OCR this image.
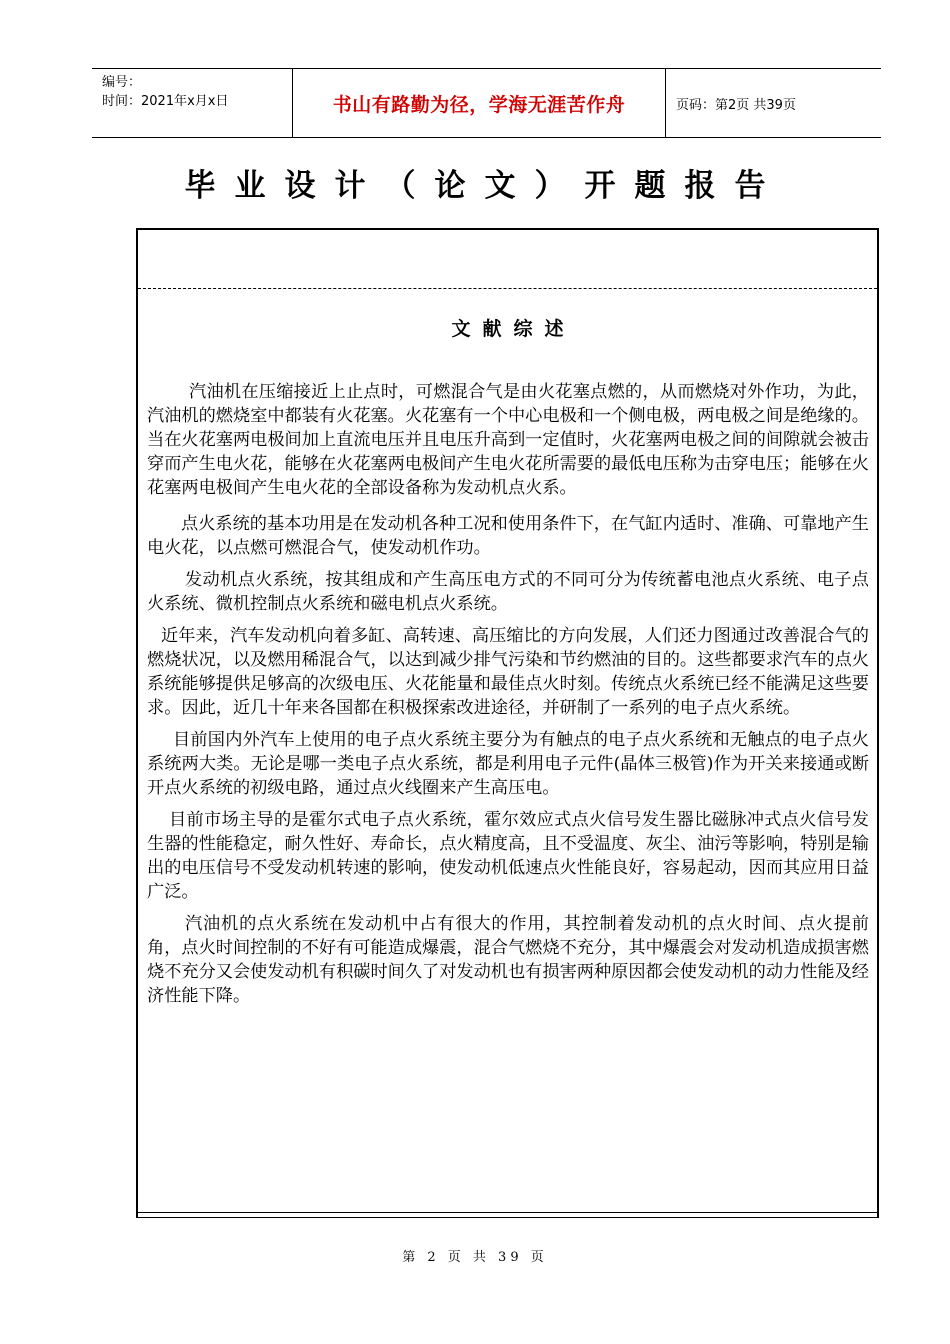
编号：
时间：2021年x月x日	书山有路勤为径，学海无涯苦作舟	页码：第2页 共39页
毕业设计（论文）开题报告
文献综述

汽油机在压缩接近上止点时，可燃混合气是由火花塞点燃的，从而燃烧对外作功，为此，汽油机的燃烧室中都装有火花塞。火花塞有一个中心电极和一个侧电极，两电极之间是绝缘的。当在火花塞两电极间加上直流电压并且电压升高到一定值时，火花塞两电极之间的间隙就会被击穿而产生电火花，能够在火花塞两电极间产生电火花所需要的最低电压称为击穿电压；能够在火花塞两电极间产生电火花的全部设备称为发动机点火系。

点火系统的基本功用是在发动机各种工况和使用条件下，在气缸内适时、准确、可靠地产生电火花，以点燃可燃混合气，使发动机作功。

发动机点火系统，按其组成和产生高压电方式的不同可分为传统蓄电池点火系统、电子点火系统、微机控制点火系统和磁电机点火系统。

近年来，汽车发动机向着多缸、高转速、高压缩比的方向发展，人们还力图通过改善混合气的燃烧状况，以及燃用稀混合气，以达到减少排气污染和节约燃油的目的。这些都要求汽车的点火系统能够提供足够高的次级电压、火花能量和最佳点火时刻。传统点火系统已经不能满足这些要求。因此，近几十年来各国都在积极探索改进途径，并研制了一系列的电子点火系统。

目前国内外汽车上使用的电子点火系统主要分为有触点的电子点火系统和无触点的电子点火系统两大类。无论是哪一类电子点火系统，都是利用电子元件(晶体三极管)作为开关来接通或断开点火系统的初级电路，通过点火线圈来产生高压电。

目前市场主导的是霍尔式电子点火系统，霍尔效应式点火信号发生器比磁脉冲式点火信号发生器的性能稳定，耐久性好、寿命长，点火精度高，且不受温度、灰尘、油污等影响，特别是输出的电压信号不受发动机转速的影响，使发动机低速点火性能良好，容易起动，因而其应用日益广泛。

汽油机的点火系统在发动机中占有很大的作用，其控制着发动机的点火时间、点火提前角，点火时间控制的不好有可能造成爆震，混合气燃烧不充分，其中爆震会对发动机造成损害燃烧不充分又会使发动机有积碳时间久了对发动机也有损害两种原因都会使发动机的动力性能及经济性能下降。

第 2 页 共 39 页
